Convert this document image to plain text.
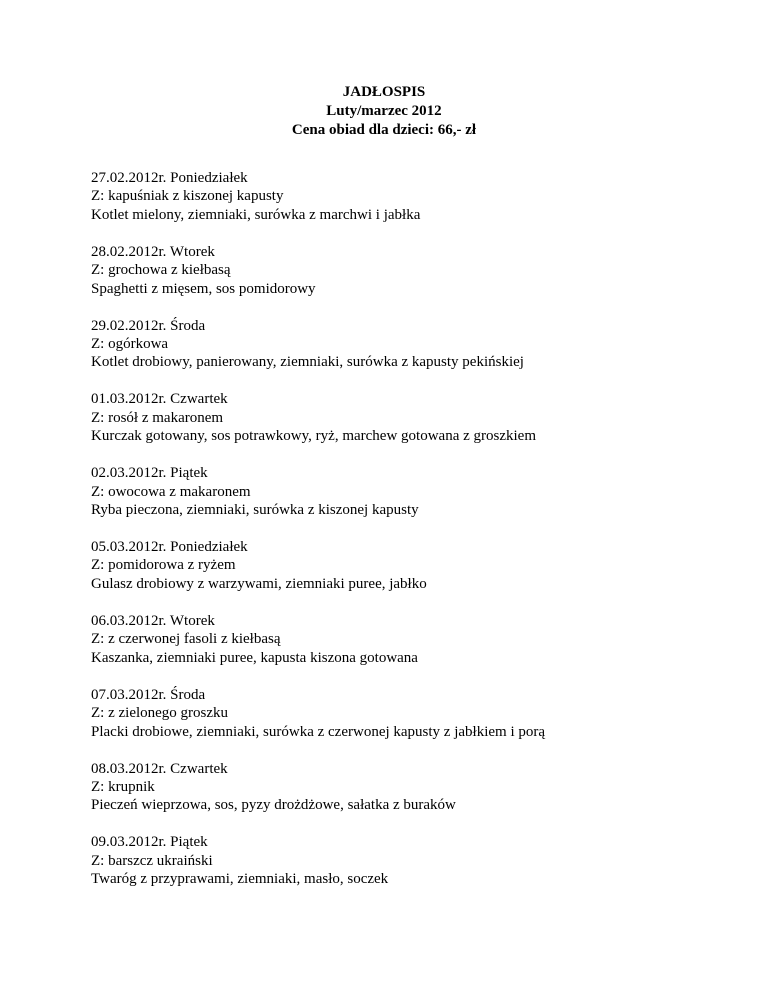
JADŁOSPIS
Luty/marzec 2012
Cena obiad dla dzieci: 66,- zł
27.02.2012r. Poniedziałek
Z: kapuśniak z kiszonej kapusty
Kotlet mielony, ziemniaki, surówka z marchwi i jabłka
28.02.2012r. Wtorek
Z: grochowa z kiełbasą
Spaghetti z mięsem, sos pomidorowy
29.02.2012r. Środa
Z: ogórkowa
Kotlet drobiowy, panierowany, ziemniaki, surówka z kapusty pekińskiej
01.03.2012r. Czwartek
Z: rosół z makaronem
Kurczak gotowany, sos potrawkowy, ryż, marchew gotowana z groszkiem
02.03.2012r. Piątek
Z: owocowa z makaronem
Ryba pieczona, ziemniaki, surówka z kiszonej kapusty
05.03.2012r. Poniedziałek
Z: pomidorowa z ryżem
Gulasz drobiowy z warzywami, ziemniaki puree, jabłko
06.03.2012r. Wtorek
Z: z czerwonej fasoli z kiełbasą
Kaszanka, ziemniaki puree, kapusta kiszona gotowana
07.03.2012r. Środa
Z: z zielonego groszku
Placki drobiowe, ziemniaki, surówka z czerwonej kapusty z jabłkiem i porą
08.03.2012r. Czwartek
Z: krupnik
Pieczeń wieprzowa, sos, pyzy drożdżowe, sałatka z buraków
09.03.2012r. Piątek
Z: barszcz ukraiński
Twaróg z przyprawami, ziemniaki, masło, soczek
